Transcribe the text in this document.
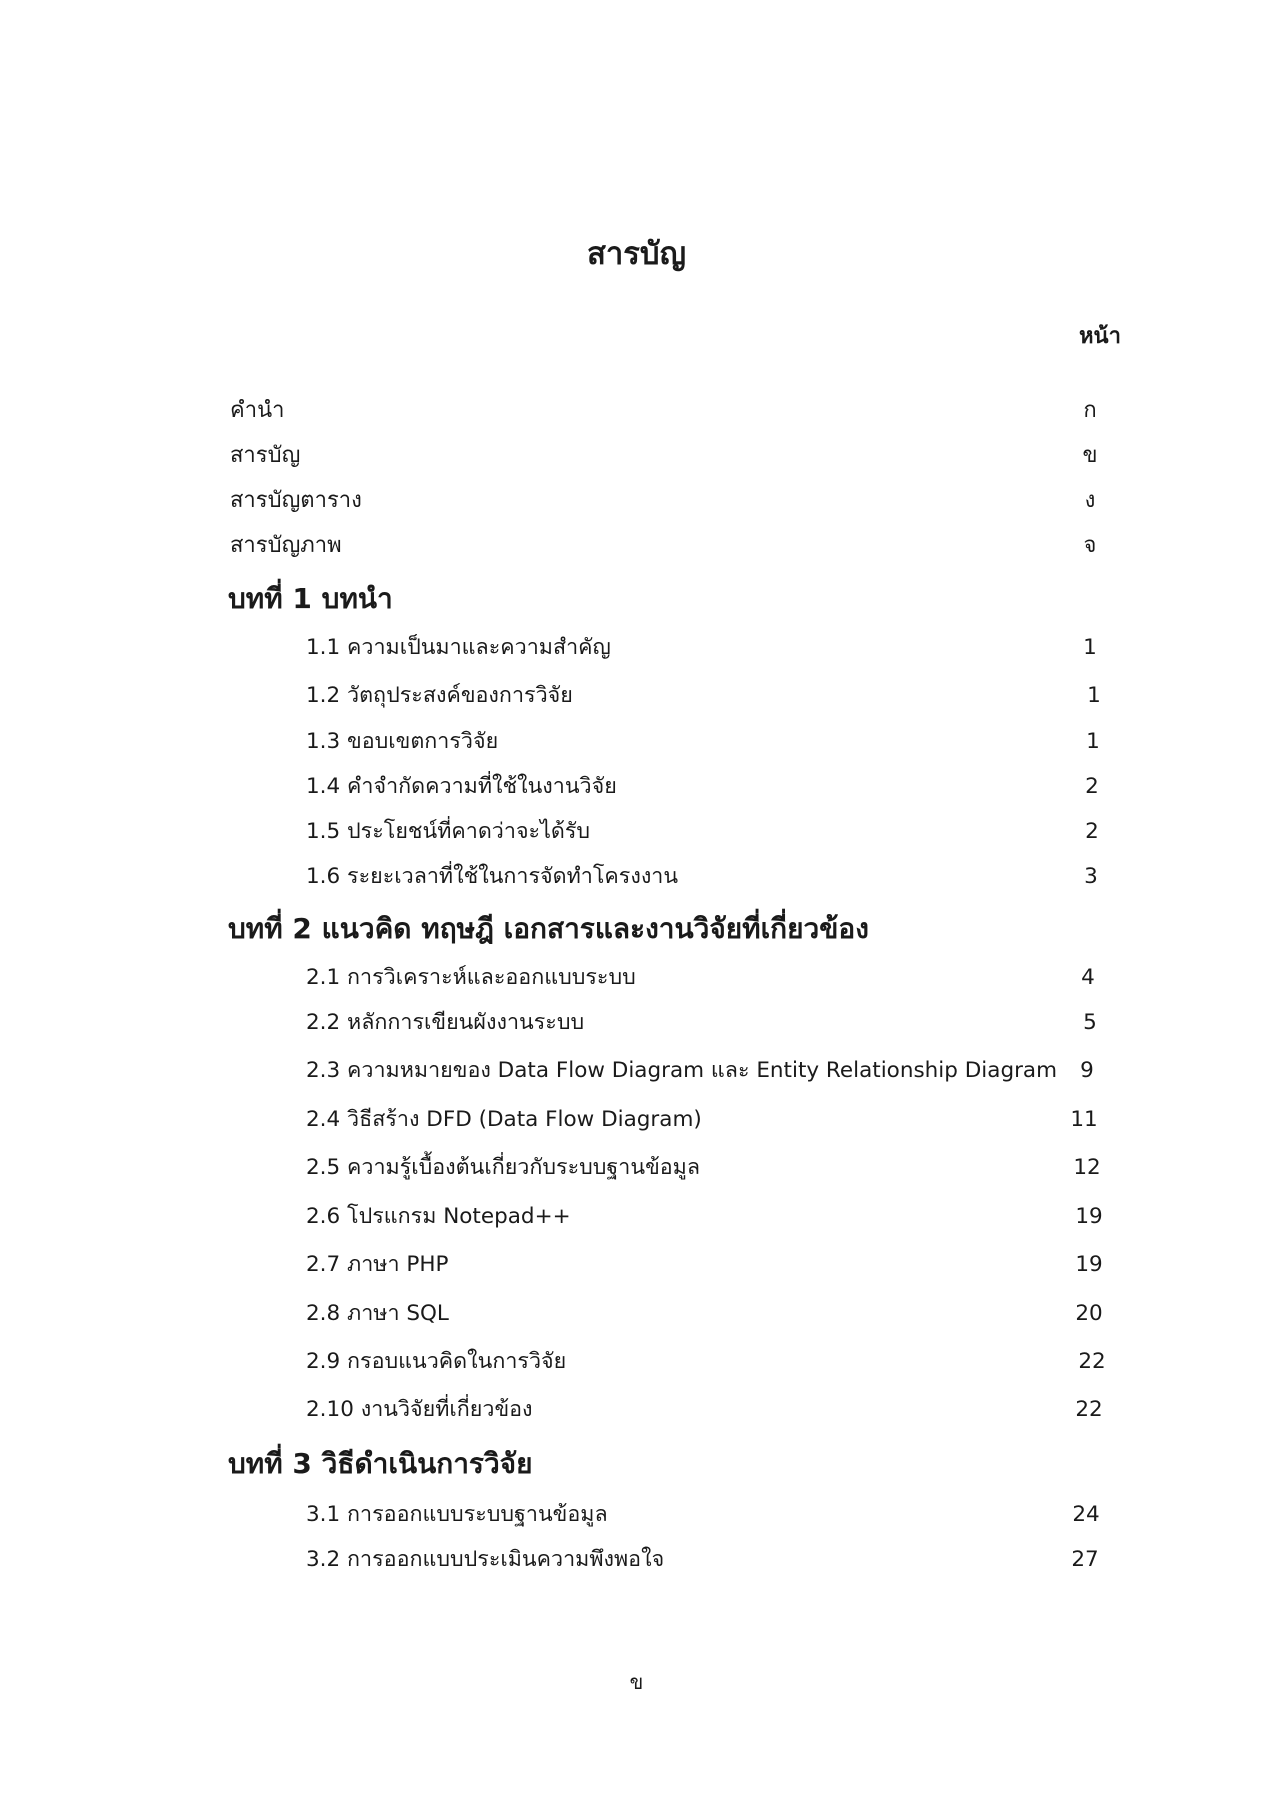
สารบัญ
หน้า
คำนำ	ก
สารบัญ	ข
สารบัญตาราง	ง
สารบัญภาพ	จ
บทที่ 1 บทนำ
1.1 ความเป็นมาและความสำคัญ	1
1.2 วัตถุประสงค์ของการวิจัย	1
1.3 ขอบเขตการวิจัย	1
1.4 คำจำกัดความที่ใช้ในงานวิจัย	2
1.5 ประโยชน์ที่คาดว่าจะได้รับ	2
1.6 ระยะเวลาที่ใช้ในการจัดทำโครงงาน	3
บทที่ 2 แนวคิด ทฤษฎี เอกสารและงานวิจัยที่เกี่ยวข้อง
2.1 การวิเคราะห์และออกแบบระบบ	4
2.2 หลักการเขียนผังงานระบบ	5
2.3 ความหมายของ Data Flow Diagram และ Entity Relationship Diagram	9
2.4 วิธีสร้าง DFD (Data Flow Diagram)	11
2.5 ความรู้เบื้องต้นเกี่ยวกับระบบฐานข้อมูล	12
2.6 โปรแกรม Notepad++	19
2.7 ภาษา PHP	19
2.8 ภาษา SQL	20
2.9 กรอบแนวคิดในการวิจัย	22
2.10 งานวิจัยที่เกี่ยวข้อง	22
บทที่ 3 วิธีดำเนินการวิจัย
3.1 การออกแบบระบบฐานข้อมูล	24
3.2 การออกแบบประเมินความพึงพอใจ	27
ข
